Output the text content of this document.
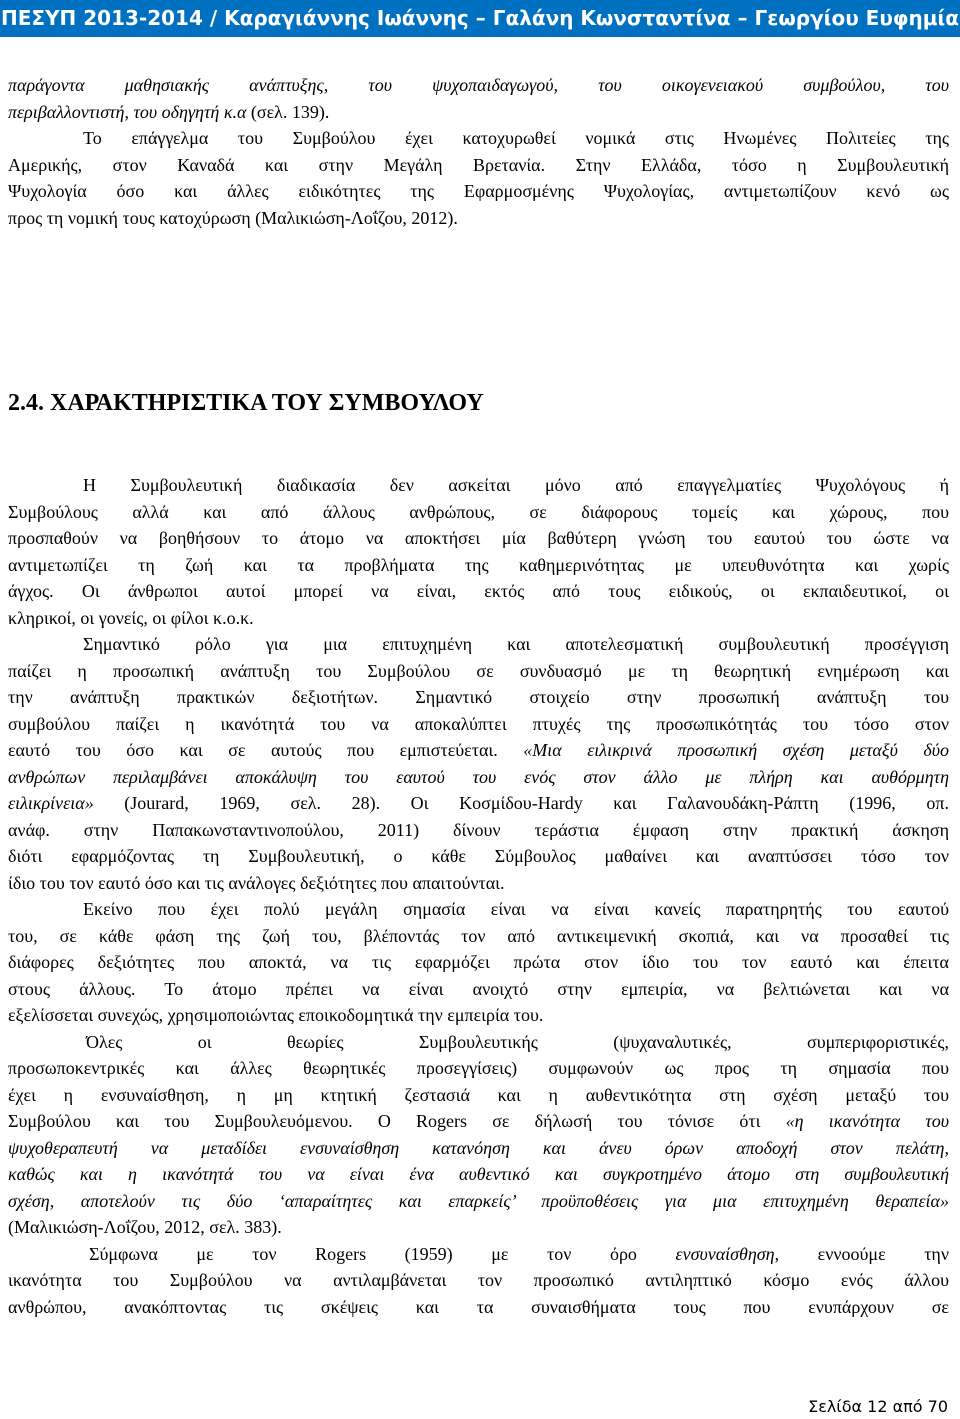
ΠΕΣΥΠ 2013-2014 / Καραγιάννης Ιωάννης – Γαλάνη Κωνσταντίνα – Γεωργίου Ευφημία
παράγοντα μαθησιακής ανάπτυξης, του ψυχοπαιδαγωγού, του οικογενειακού συμβούλου, του
περιβαλλοντιστή, του οδηγητή κ.α (σελ. 139).
Το επάγγελμα του Συμβούλου έχει κατοχυρωθεί νομικά στις Ηνωμένες Πολιτείες της
Αμερικής, στον Καναδά και στην Μεγάλη Βρετανία. Στην Ελλάδα, τόσο η Συμβουλευτική
Ψυχολογία όσο και άλλες ειδικότητες της Εφαρμοσμένης Ψυχολογίας, αντιμετωπίζουν κενό ως
προς τη νομική τους κατοχύρωση (Μαλικιώση-Λοΐζου, 2012).
2.4. ΧΑΡΑΚΤΗΡΙΣΤΙΚΑ ΤΟΥ ΣΥΜΒΟΥΛΟΥ
Η Συμβουλευτική διαδικασία δεν ασκείται μόνο από επαγγελματίες Ψυχολόγους ή
Συμβούλους αλλά και από άλλους ανθρώπους, σε διάφορους τομείς και χώρους, που
προσπαθούν να βοηθήσουν το άτομο να αποκτήσει μία βαθύτερη γνώση του εαυτού του ώστε να
αντιμετωπίζει τη ζωή και τα προβλήματα της καθημερινότητας με υπευθυνότητα και χωρίς
άγχος. Οι άνθρωποι αυτοί μπορεί να είναι, εκτός από τους ειδικούς, οι εκπαιδευτικοί, οι
κληρικοί, οι γονείς, οι φίλοι κ.ο.κ.
Σημαντικό ρόλο για μια επιτυχημένη και αποτελεσματική συμβουλευτική προσέγγιση
παίζει η προσωπική ανάπτυξη του Συμβούλου σε συνδυασμό με τη θεωρητική ενημέρωση και
την ανάπτυξη πρακτικών δεξιοτήτων. Σημαντικό στοιχείο στην προσωπική ανάπτυξη του
συμβούλου παίζει η ικανότητά του να αποκαλύπτει πτυχές της προσωπικότητάς του τόσο στον
εαυτό του όσο και σε αυτούς που εμπιστεύεται. «Μια ειλικρινά προσωπική σχέση μεταξύ δύο
ανθρώπων περιλαμβάνει αποκάλυψη του εαυτού του ενός στον άλλο με πλήρη και αυθόρμητη
ειλικρίνεια» (Jourard, 1969, σελ. 28). Οι Κοσμίδου-Hardy και Γαλανουδάκη-Ράπτη (1996, οπ.
ανάφ. στην Παπακωνσταντινοπούλου, 2011) δίνουν τεράστια έμφαση στην πρακτική άσκηση
διότι εφαρμόζοντας τη Συμβουλευτική, ο κάθε Σύμβουλος μαθαίνει και αναπτύσσει τόσο τον
ίδιο του τον εαυτό όσο και τις ανάλογες δεξιότητες που απαιτούνται.
Εκείνο που έχει πολύ μεγάλη σημασία είναι να είναι κανείς παρατηρητής του εαυτού
του, σε κάθε φάση της ζωή του, βλέποντάς τον από αντικειμενική σκοπιά, και να προσαθεί τις
διάφορες δεξιότητες που αποκτά, να τις εφαρμόζει πρώτα στον ίδιο του τον εαυτό και έπειτα
στους άλλους. Το άτομο πρέπει να είναι ανοιχτό στην εμπειρία, να βελτιώνεται και να
εξελίσσεται συνεχώς, χρησιμοποιώντας εποικοδομητικά την εμπειρία του.
Όλες οι θεωρίες Συμβουλευτικής (ψυχαναλυτικές, συμπεριφοριστικές,
προσωποκεντρικές και άλλες θεωρητικές προσεγγίσεις) συμφωνούν ως προς τη σημασία που
έχει η ενσυναίσθηση, η μη κτητική ζεστασιά και η αυθεντικότητα στη σχέση μεταξύ του
Συμβούλου και του Συμβουλευόμενου. Ο Rogers σε δήλωσή του τόνισε ότι «η ικανότητα του
ψυχοθεραπευτή να μεταδίδει ενσυναίσθηση κατανόηση και άνευ όρων αποδοχή στον πελάτη,
καθώς και η ικανότητά του να είναι ένα αυθεντικό και συγκροτημένο άτομο στη συμβουλευτική
σχέση, αποτελούν τις δύο ‘απαραίτητες και επαρκείς’ προϋποθέσεις για μια επιτυχημένη θεραπεία»
(Μαλικιώση-Λοΐζου, 2012, σελ. 383).
Σύμφωνα με τον Rogers (1959) με τον όρο ενσυναίσθηση, εννοούμε την
ικανότητα του Συμβούλου να αντιλαμβάνεται τον προσωπικό αντιληπτικό κόσμο ενός άλλου
ανθρώπου, ανακόπτοντας τις σκέψεις και τα συναισθήματα τους που ενυπάρχουν σε
Σελίδα 12 από 70
